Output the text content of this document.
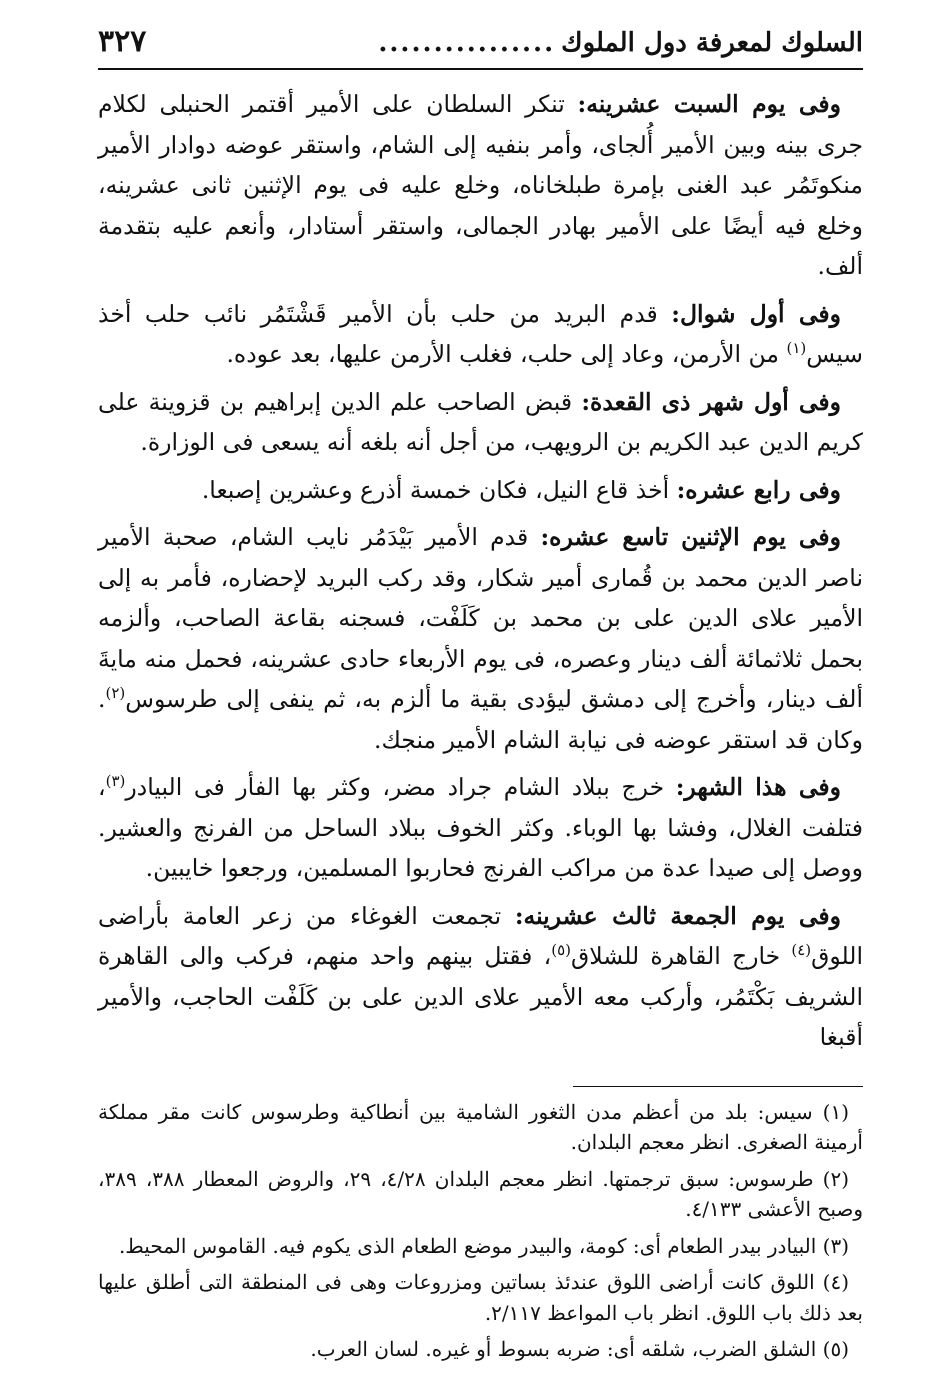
السلوك لمعرفة دول الملوك
................
٣٢٧

وفى يوم السبت عشرينه: تنكر السلطان على الأمير أقتمر الحنبلى لكلام جرى بينه وبين الأمير أُلجاى، وأمر بنفيه إلى الشام، واستقر عوضه دوادار الأمير منكوتَمُر عبد الغنى بإمرة طبلخاناه، وخلع عليه فى يوم الإثنين ثانى عشرينه، وخلع فيه أيضًا على الأمير بهادر الجمالى، واستقر أستادار، وأنعم عليه بتقدمة ألف.

وفى أول شوال: قدم البريد من حلب بأن الأمير قَشْتَمُر نائب حلب أخذ سيس$^{(١)}$ من الأرمن، وعاد إلى حلب، فغلب الأرمن عليها، بعد عوده.

وفى أول شهر ذى القعدة: قبض الصاحب علم الدين إبراهيم بن قزوينة على كريم الدين عبد الكريم بن الرويهب، من أجل أنه بلغه أنه يسعى فى الوزارة.

وفى رابع عشره: أخذ قاع النيل، فكان خمسة أذرع وعشرين إصبعا.

وفى يوم الإثنين تاسع عشره: قدم الأمير بَيْدَمُر نايب الشام، صحبة الأمير ناصر الدين محمد بن قُمارى أمير شكار، وقد ركب البريد لإحضاره، فأمر به إلى الأمير علاى الدين على بن محمد بن كَلَفْت، فسجنه بقاعة الصاحب، وألزمه بحمل ثلاثمائة ألف دينار وعصره، فى يوم الأربعاء حادى عشرينه، فحمل منه مايةَ ألف دينار، وأخرج إلى دمشق ليؤدى بقية ما ألزم به، ثم ينفى إلى طرسوس$^{(٢)}$. وكان قد استقر عوضه فى نيابة الشام الأمير منجك.

وفى هذا الشهر: خرج ببلاد الشام جراد مضر، وكثر بها الفأر فى البيادر$^{(٣)}$، فتلفت الغلال، وفشا بها الوباء. وكثر الخوف ببلاد الساحل من الفرنج والعشير. ووصل إلى صيدا عدة من مراكب الفرنج فحاربوا المسلمين، ورجعوا خايبين.

وفى يوم الجمعة ثالث عشرينه: تجمعت الغوغاء من زعر العامة بأراضى اللوق$^{(٤)}$ خارج القاهرة للشلاق$^{(٥)}$، فقتل بينهم واحد منهم، فركب والى القاهرة الشريف بَكْتَمُر، وأركب معه الأمير علاى الدين على بن كَلَفْت الحاجب، والأمير أقبغا

(١) سيس: بلد من أعظم مدن الثغور الشامية بين أنطاكية وطرسوس كانت مقر مملكة أرمينة الصغرى. انظر معجم البلدان.

(٢) طرسوس: سبق ترجمتها. انظر معجم البلدان ٤/٢٨، ٢٩، والروض المعطار ٣٨٨، ٣٨٩، وصبح الأعشى ٤/١٣٣.

(٣) البيادر بيدر الطعام أى: كومة، والبيدر موضع الطعام الذى يكوم فيه. القاموس المحيط.

(٤) اللوق كانت أراضى اللوق عندئذ بساتين ومزروعات وهى فى المنطقة التى أطلق عليها بعد ذلك باب اللوق. انظر باب المواعظ ٢/١١٧.

(٥) الشلق الضرب، شلقه أى: ضربه بسوط أو غيره. لسان العرب.
